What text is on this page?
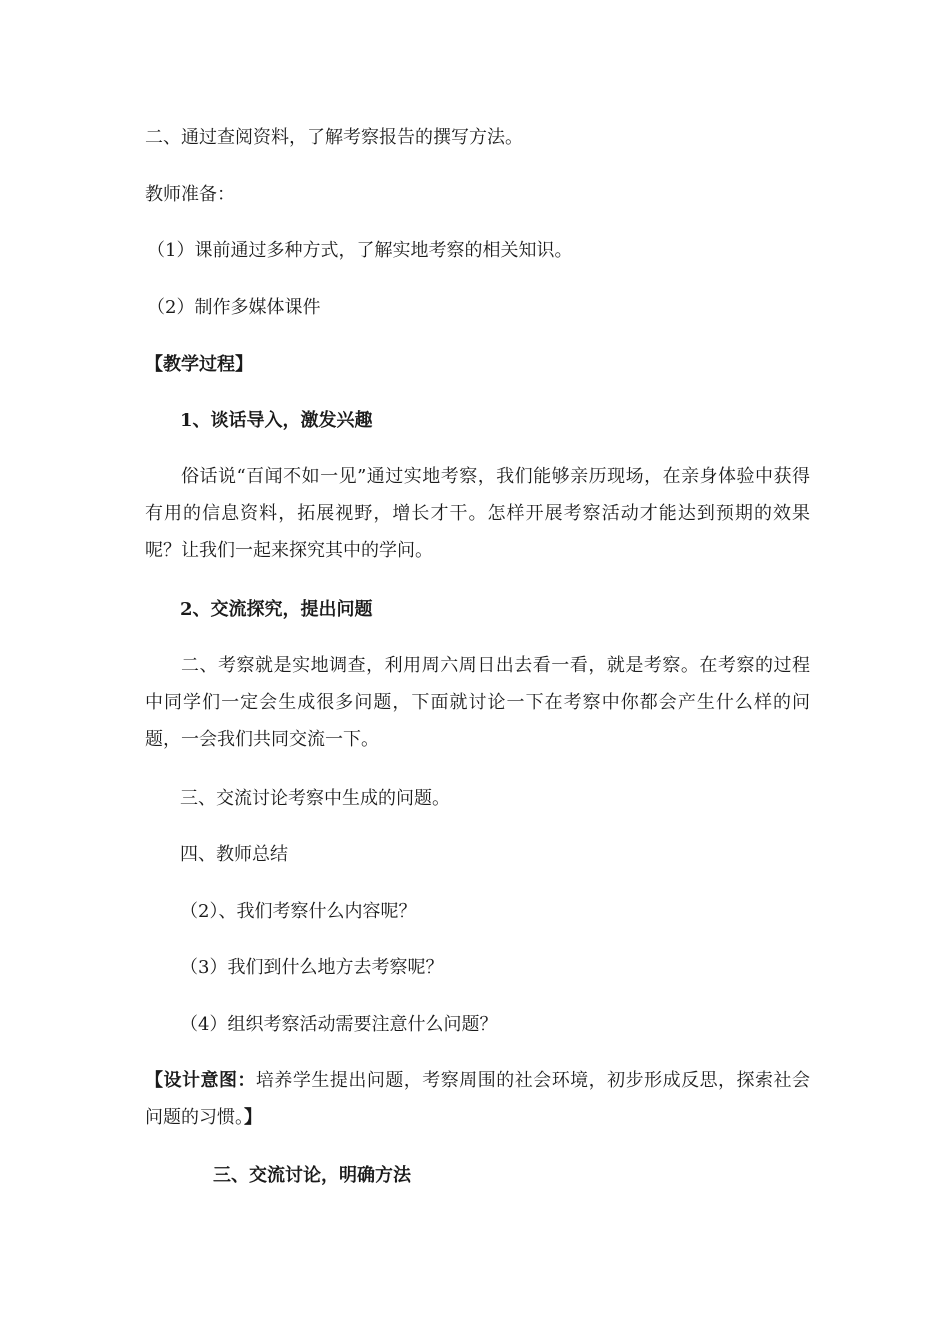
二、通过查阅资料，了解考察报告的撰写方法。
教师准备：
（1）课前通过多种方式，了解实地考察的相关知识。
（2）制作多媒体课件
【教学过程】
1、谈话导入，激发兴趣
俗话说“百闻不如一见”通过实地考察，我们能够亲历现场，在亲身体验中获得有用的信息资料，拓展视野，增长才干。怎样开展考察活动才能达到预期的效果呢？让我们一起来探究其中的学问。
2、交流探究，提出问题
二、考察就是实地调查，利用周六周日出去看一看，就是考察。在考察的过程中同学们一定会生成很多问题，下面就讨论一下在考察中你都会产生什么样的问题，一会我们共同交流一下。
三、交流讨论考察中生成的问题。
四、教师总结
（2）、我们考察什么内容呢？
（3）我们到什么地方去考察呢？
（4）组织考察活动需要注意什么问题？
【设计意图：培养学生提出问题，考察周围的社会环境，初步形成反思，探索社会问题的习惯。】
三、交流讨论，明确方法
